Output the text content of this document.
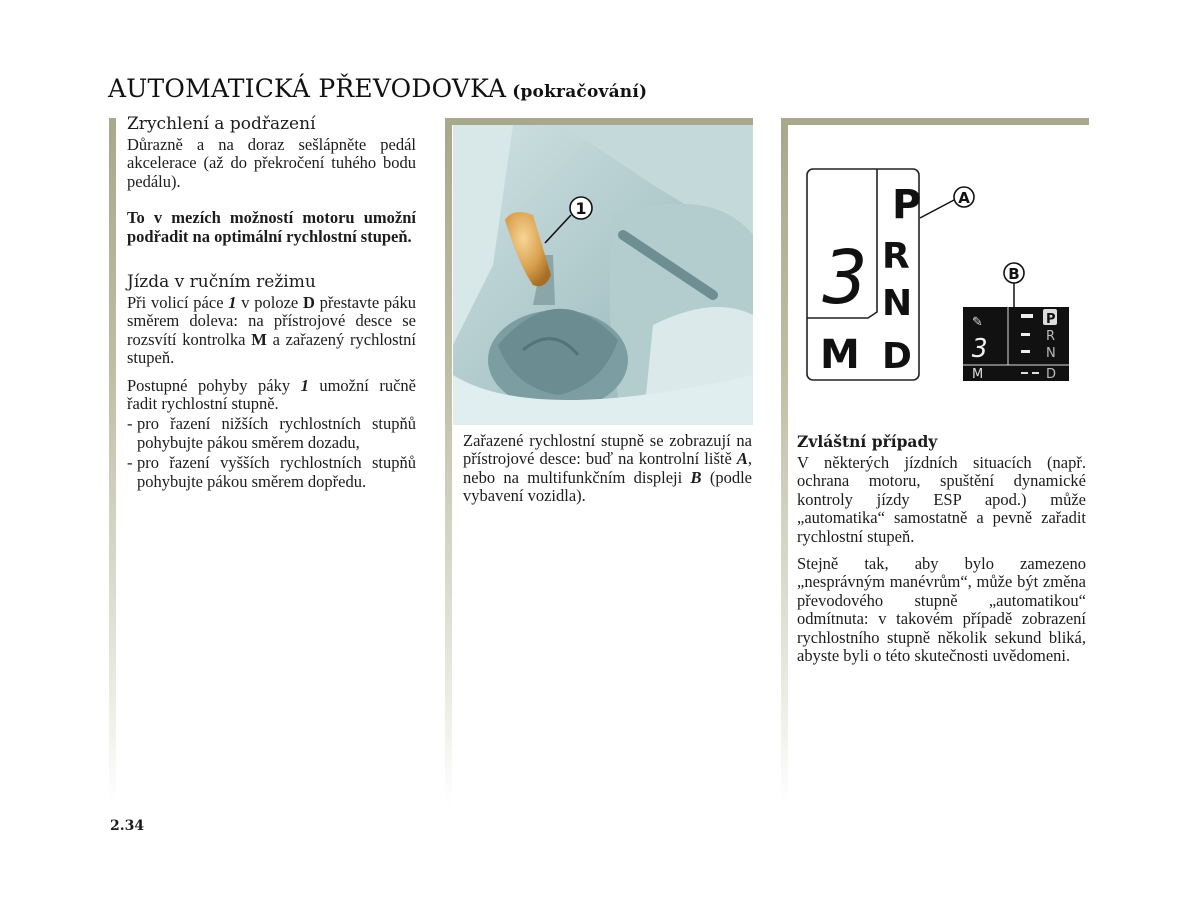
AUTOMATICKÁ PŘEVODOVKA (pokračování)
Zrychlení a podřazení

Důrazně a na doraz sešlápněte pedál akcelerace (až do překročení tuhého bodu pedálu).

To v mezích možností motoru umožní podřadit na optimální rychlostní stupeň.

Jízda v ručním režimu

Při volicí páce 1 v poloze D přestavte páku směrem doleva: na přístrojové desce se rozsvítí kontrolka M a zařazený rychlostní stupeň.

Postupné pohyby páky 1 umožní ručně řadit rychlostní stupně.

- pro řazení nižších rychlostních stupňů pohybujte pákou směrem dozadu,
- pro řazení vyšších rychlostních stupňů pohybujte pákou směrem dopředu.
1
Zařazené rychlostní stupně se zobrazují na přístrojové desce: buď na kontrolní liště A, nebo na multifunkčním displeji B (podle vybavení vozidla).
P
R
N
D
M
3
A
✎
3
P
R
N
D
M
B
Zvláštní případy

V některých jízdních situacích (např. ochrana motoru, spuštění dynamické kontroly jízdy ESP apod.) může „automatika“ samostatně a pevně zařadit rychlostní stupeň.

Stejně tak, aby bylo zamezeno „nesprávným manévrům“, může být změna převodového stupně „automatikou“ odmítnuta: v takovém případě zobrazení rychlostního stupně několik sekund bliká, abyste byli o této skutečnosti uvědomeni.

2.34
